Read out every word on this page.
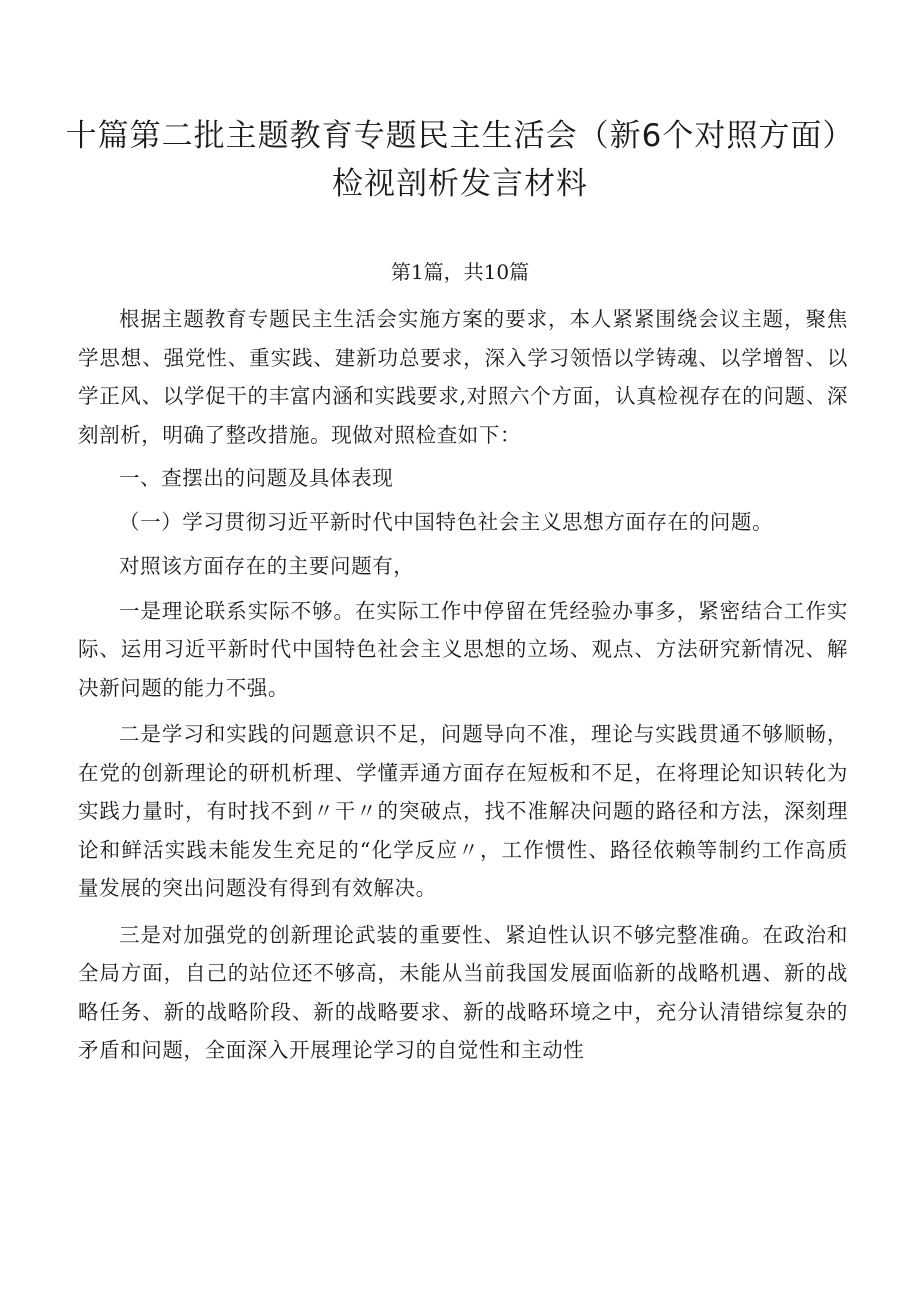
十篇第二批主题教育专题民主生活会（新6个对照方面）检视剖析发言材料
第1篇，共10篇

根据主题教育专题民主生活会实施方案的要求，本人紧紧围绕会议主题，聚焦学思想、强党性、重实践、建新功总要求，深入学习领悟以学铸魂、以学增智、以学正风、以学促干的丰富内涵和实践要求,对照六个方面，认真检视存在的问题、深刻剖析，明确了整改措施。现做对照检查如下：

一、查摆出的问题及具体表现

（一）学习贯彻习近平新时代中国特色社会主义思想方面存在的问题。

对照该方面存在的主要问题有，

一是理论联系实际不够。在实际工作中停留在凭经验办事多，紧密结合工作实际、运用习近平新时代中国特色社会主义思想的立场、观点、方法研究新情况、解决新问题的能力不强。

二是学习和实践的问题意识不足，问题导向不准，理论与实践贯通不够顺畅，在党的创新理论的研机析理、学懂弄通方面存在短板和不足，在将理论知识转化为实践力量时，有时找不到〃干〃的突破点，找不准解决问题的路径和方法，深刻理论和鲜活实践未能发生充足的“化学反应〃，工作惯性、路径依赖等制约工作高质量发展的突出问题没有得到有效解决。

三是对加强党的创新理论武装的重要性、紧迫性认识不够完整准确。在政治和全局方面，自己的站位还不够高，未能从当前我国发展面临新的战略机遇、新的战略任务、新的战略阶段、新的战略要求、新的战略环境之中，充分认清错综复杂的矛盾和问题，全面深入开展理论学习的自觉性和主动性
